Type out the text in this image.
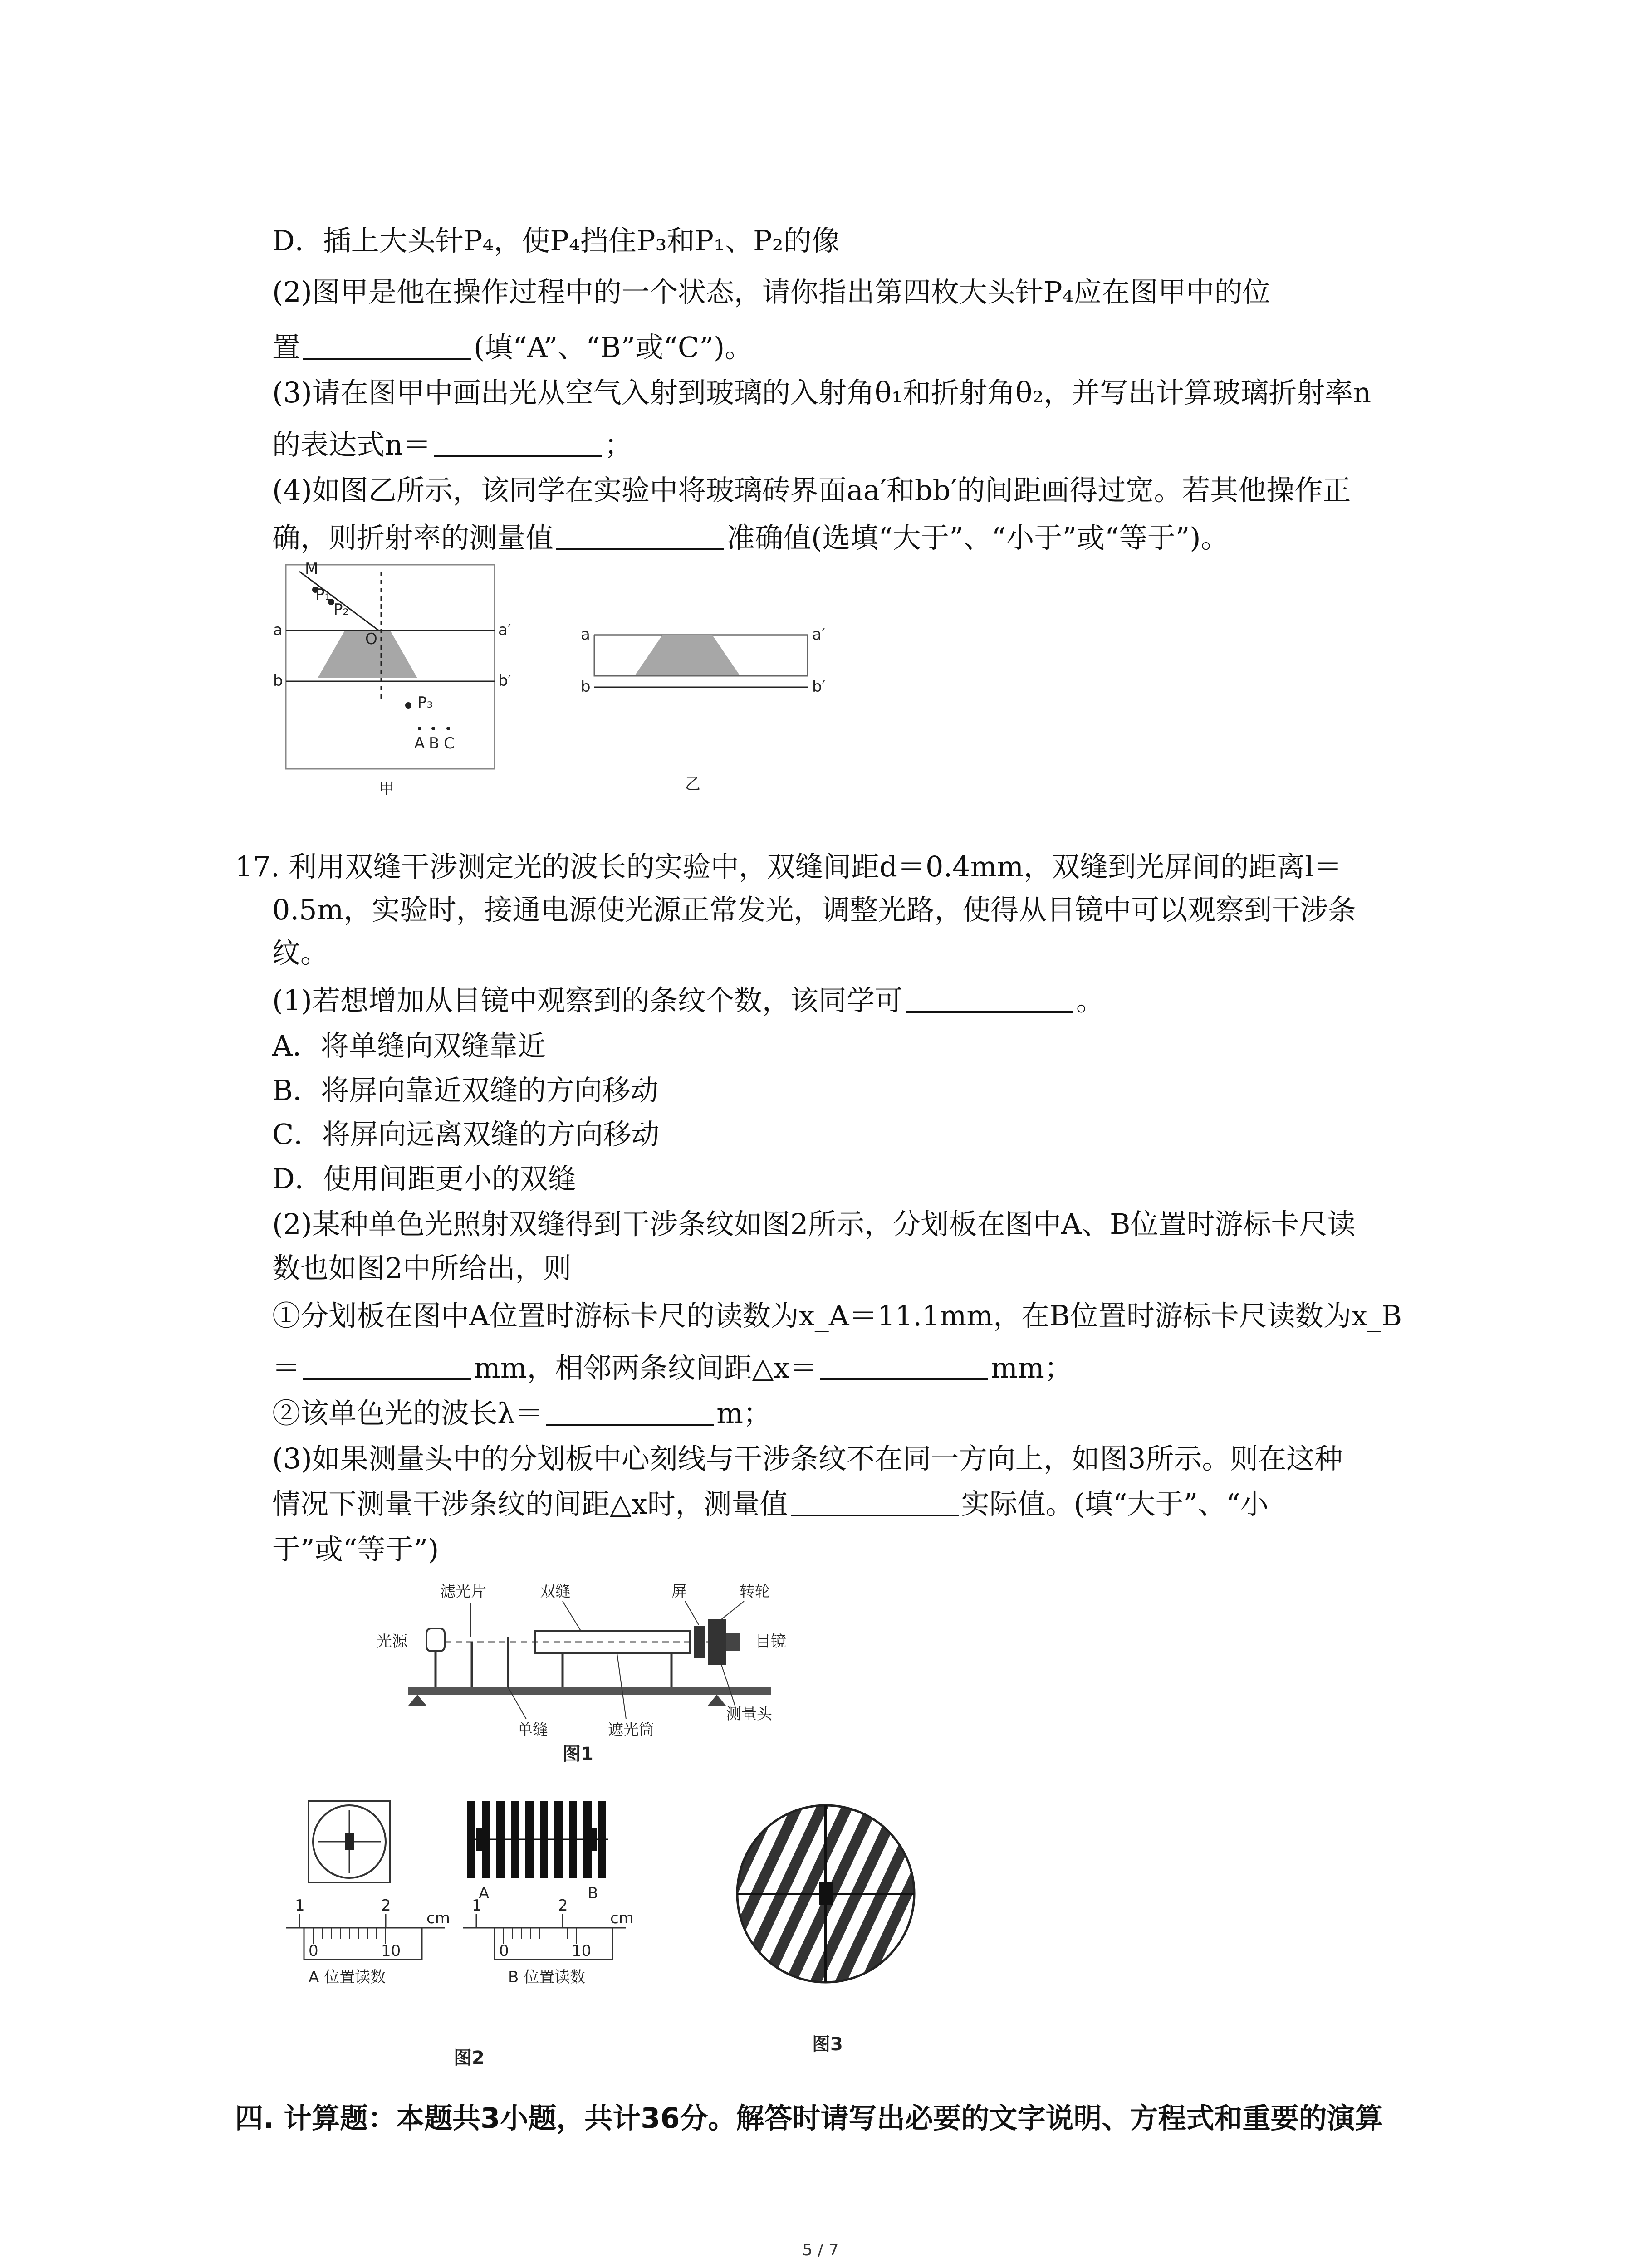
D．插上大头针P₄，使P₄挡住P₃和P₁、P₂的像
(2)图甲是他在操作过程中的一个状态，请你指出第四枚大头针P₄应在图甲中的位
置	(填“A”、“B”或“C”)。
(3)请在图甲中画出光从空气入射到玻璃的入射角θ₁和折射角θ₂，并写出计算玻璃折射率n
的表达式n＝	；
(4)如图乙所示，该同学在实验中将玻璃砖界面aa′和bb′的间距画得过宽。若其他操作正
确，则折射率的测量值	准确值(选填“大于”、“小于”或“等于”)。
M
P₁
P₂
O
a	a′
b	b′
P₃
A B C
甲
a	a′
b	b′
乙
17. 利用双缝干涉测定光的波长的实验中，双缝间距d＝0.4mm，双缝到光屏间的距离l＝
0.5m，实验时，接通电源使光源正常发光，调整光路，使得从目镜中可以观察到干涉条
纹。
(1)若想增加从目镜中观察到的条纹个数，该同学可	。
A．将单缝向双缝靠近
B．将屏向靠近双缝的方向移动
C．将屏向远离双缝的方向移动
D．使用间距更小的双缝
(2)某种单色光照射双缝得到干涉条纹如图2所示，分划板在图中A、B位置时游标卡尺读
数也如图2中所给出，则
①分划板在图中A位置时游标卡尺的读数为x_A＝11.1mm，在B位置时游标卡尺读数为x_B
＝	mm，相邻两条纹间距△x＝	mm；
②该单色光的波长λ＝	m；
(3)如果测量头中的分划板中心刻线与干涉条纹不在同一方向上，如图3所示。则在这种
情况下测量干涉条纹的间距△x时，测量值	实际值。(填“大于”、“小
于”或“等于”)
滤光片	双缝	屏	转轮
光源	目镜
单缝	遮光筒
测量头
图1
A	B
1	2
cm
0	10
A 位置读数
1	2
cm
0	10
B 位置读数
图2
图3
四. 计算题：本题共3小题，共计36分。解答时请写出必要的文字说明、方程式和重要的演算
5 / 7
